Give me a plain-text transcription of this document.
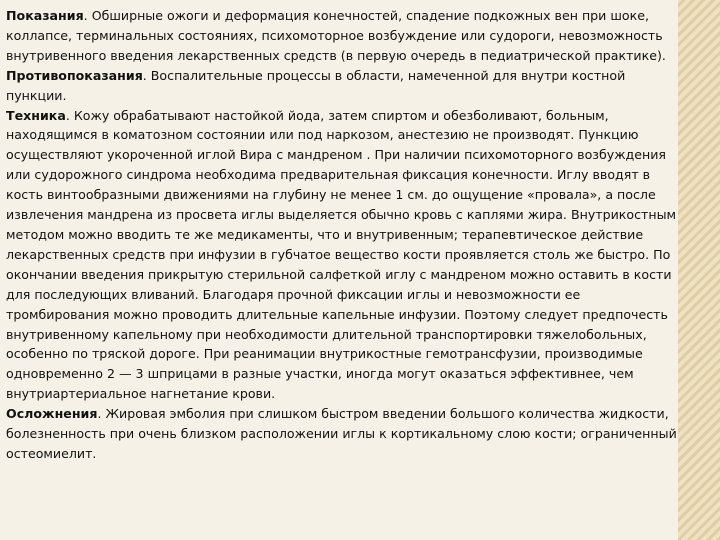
Показания. Обширные ожоги и деформация конечностей, спадение подкожных вен при шоке, коллапсе, терминальных состояниях, психомоторное возбуждение или судороги, невозможность внутривенного введения лекарственных средств (в первую очередь в педиатрической практике).

Противопоказания. Воспалительные процессы в области, намеченной для внутри костной пункции.

Техника. Кожу обрабатывают настойкой йода, затем спиртом и обезболивают, больным, находящимся в коматозном состоянии или под наркозом, анестезию не производят. Пункцию осуществляют укороченной иглой Вира с мандреном . При наличии психомоторного возбуждения или судорожного синдрома необходима предварительная фиксация конечности. Иглу вводят в кость винтообразными движениями на глубину не менее 1 см. до ощущение «провала», а после извлечения мандрена из просвета иглы выделяется обычно кровь с каплями жира. Внутрикостным методом можно вводить те же медикаменты, что и внутривенным; терапевтическое действие лекарственных средств при инфузии в губчатое вещество кости проявляется столь же быстро. По окончании введения прикрытую стерильной салфеткой иглу с мандреном можно оставить в кости для последующих вливаний. Благодаря прочной фиксации иглы и невозможности ее тромбирования можно проводить длительные капельные инфузии. Поэтому следует предпочесть внутривенному капельному при необходимости длительной транспортировки тяжелобольных, особенно по тряской дороге. При реанимации внутрикостные гемотрансфузии, производимые одновременно 2 — 3 шприцами в разные участки, иногда могут оказаться эффективнее, чем внутриартериальное нагнетание крови.

Осложнения. Жировая эмболия при слишком быстром введении большого количества жидкости, болезненность при очень близком расположении иглы к кортикальному слою кости; ограниченный остеомиелит.
